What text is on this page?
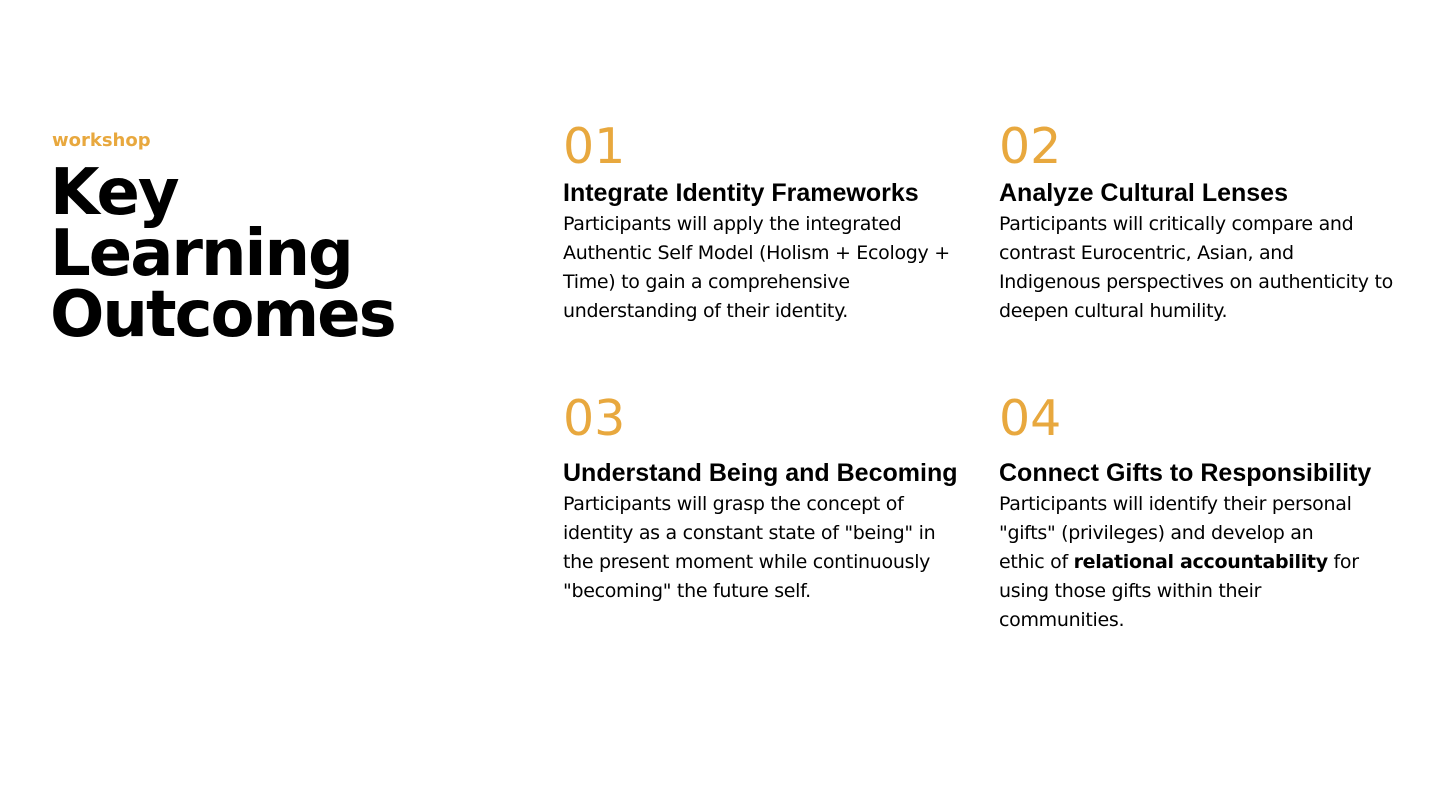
workshop
Key
Learning
Outcomes
01
Integrate Identity Frameworks

Participants will apply the integrated Authentic Self Model (Holism + Ecology + Time) to gain a comprehensive understanding of their identity.

02
Analyze Cultural Lenses

Participants will critically compare and contrast Eurocentric, Asian, and Indigenous perspectives on authenticity to deepen cultural humility.

03
Understand Being and Becoming

Participants will grasp the concept of identity as a constant state of "being" in the present moment while continuously "becoming" the future self.

04
Connect Gifts to Responsibility

Participants will identify their personal "gifts" (privileges) and develop an ethic of relational accountability for using those gifts within their communities.
